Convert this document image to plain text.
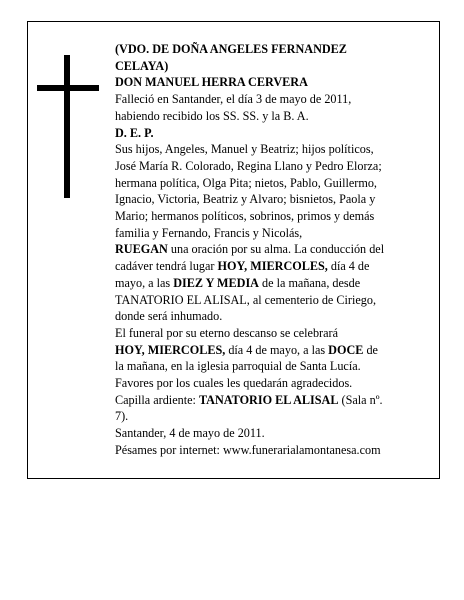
(VDO. DE DOÑA ANGELES FERNANDEZ

CELAYA)

DON MANUEL HERRA CERVERA

Falleció en Santander, el día 3 de mayo de 2011,

habiendo recibido los SS. SS. y la B. A.

D. E. P.

Sus hijos, Angeles, Manuel y Beatriz; hijos políticos,

José María R. Colorado, Regina Llano y Pedro Elorza;

hermana política, Olga Pita; nietos, Pablo, Guillermo,

Ignacio, Victoria, Beatriz y Alvaro; bisnietos, Paola y

Mario; hermanos políticos, sobrinos, primos y demás

familia y Fernando, Francis y Nicolás,

RUEGAN una oración por su alma. La conducción del

cadáver tendrá lugar HOY, MIERCOLES, día 4 de

mayo, a las DIEZ Y MEDIA de la mañana, desde

TANATORIO EL ALISAL, al cementerio de Ciriego,

donde será inhumado.

El funeral por su eterno descanso se celebrará

HOY, MIERCOLES, día 4 de mayo, a las DOCE de

la mañana, en la iglesia parroquial de Santa Lucía.

Favores por los cuales les quedarán agradecidos.

Capilla ardiente: TANATORIO EL ALISAL (Sala nº.

7).

Santander, 4 de mayo de 2011.

Pésames por internet: www.funerarialamontanesa.com
